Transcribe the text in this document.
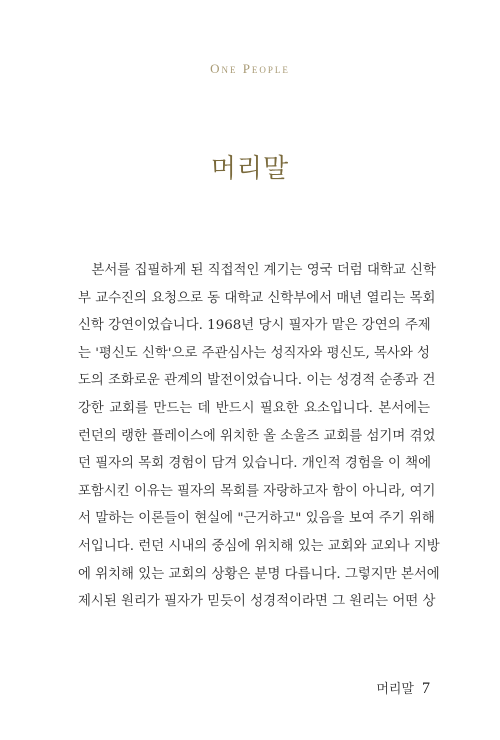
One People
머리말
　본서를 집필하게 된 직접적인 계기는 영국 더럼 대학교 신학
부 교수진의 요청으로 동 대학교 신학부에서 매년 열리는 목회
신학 강연이었습니다. 1968년 당시 필자가 맡은 강연의 주제
는 '평신도 신학'으로 주관심사는 성직자와 평신도, 목사와 성
도의 조화로운 관계의 발전이었습니다. 이는 성경적 순종과 건
강한 교회를 만드는 데 반드시 필요한 요소입니다. 본서에는
런던의 랭한 플레이스에 위치한 올 소울즈 교회를 섬기며 겪었
던 필자의 목회 경험이 담겨 있습니다. 개인적 경험을 이 책에
포함시킨 이유는 필자의 목회를 자랑하고자 함이 아니라, 여기
서 말하는 이론들이 현실에 "근거하고" 있음을 보여 주기 위해
서입니다. 런던 시내의 중심에 위치해 있는 교회와 교외나 지방
에 위치해 있는 교회의 상황은 분명 다릅니다. 그렇지만 본서에
제시된 원리가 필자가 믿듯이 성경적이라면 그 원리는 어떤 상
머리말 7
